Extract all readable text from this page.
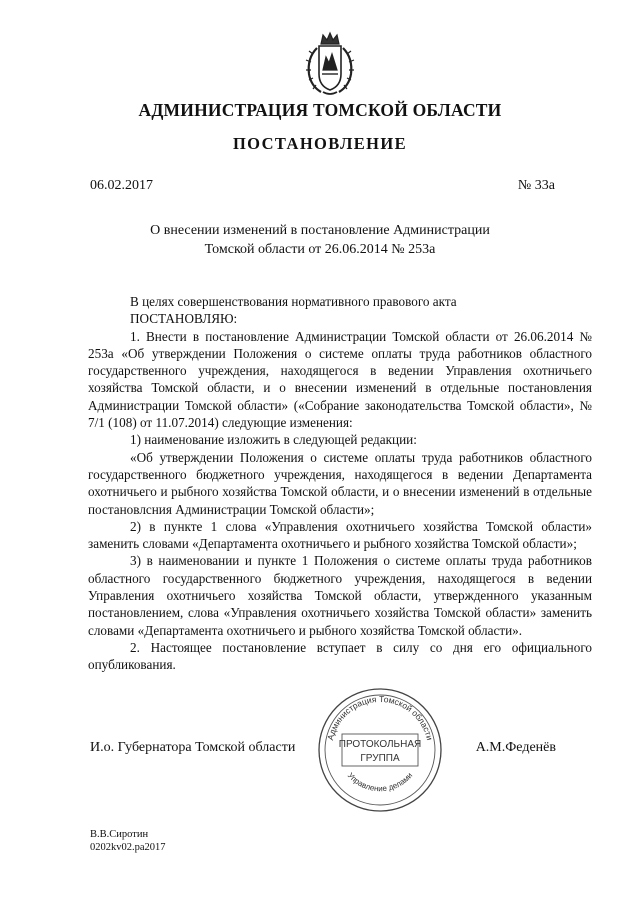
АДМИНИСТРАЦИЯ ТОМСКОЙ ОБЛАСТИ
ПОСТАНОВЛЕНИЕ
06.02.2017	№ 33а
О внесении изменений в постановление Администрации
Томской области от 26.06.2014 № 253а

В целях совершенствования нормативного правового акта

ПОСТАНОВЛЯЮ:

1. Внести в постановление Администрации Томской области от 26.06.2014 № 253а «Об утверждении Положения о системе оплаты труда работников областного государственного учреждения, находящегося в ведении Управления охотничьего хозяйства Томской области, и о внесении изменений в отдельные постановления Администрации Томской области» («Собрание законодательства Томской области», № 7/1 (108) от 11.07.2014) следующие изменения:

1) наименование изложить в следующей редакции:

«Об утверждении Положения о системе оплаты труда работников областного государственного бюджетного учреждения, находящегося в ведении Департамента охотничьего и рыбного хозяйства Томской области, и о внесении изменений в отдельные постановлсния Администрации Томской области»;

2) в пункте 1 слова «Управления охотничьего хозяйства Томской области» заменить словами «Департамента охотничьего и рыбного хозяйства Томской области»;

3) в наименовании и пункте 1 Положения о системе оплаты труда работников областного государственного бюджетного учреждения, находящегося в ведении Управления охотничьего хозяйства Томской области, утвержденного указанным постановлением, слова «Управления охотничьего хозяйства Томской области» заменить словами «Департамента охотничьего и рыбного хозяйства Томской области».

2. Настоящее постановление вступает в силу со дня его официального опубликования.

И.о. Губернатора Томской области	А.М.Феденёв
Администрация Томской области
Управление делами
ПРОТОКОЛЬНАЯ
ГРУППА
В.В.Сиротин
0202kv02.pa2017
